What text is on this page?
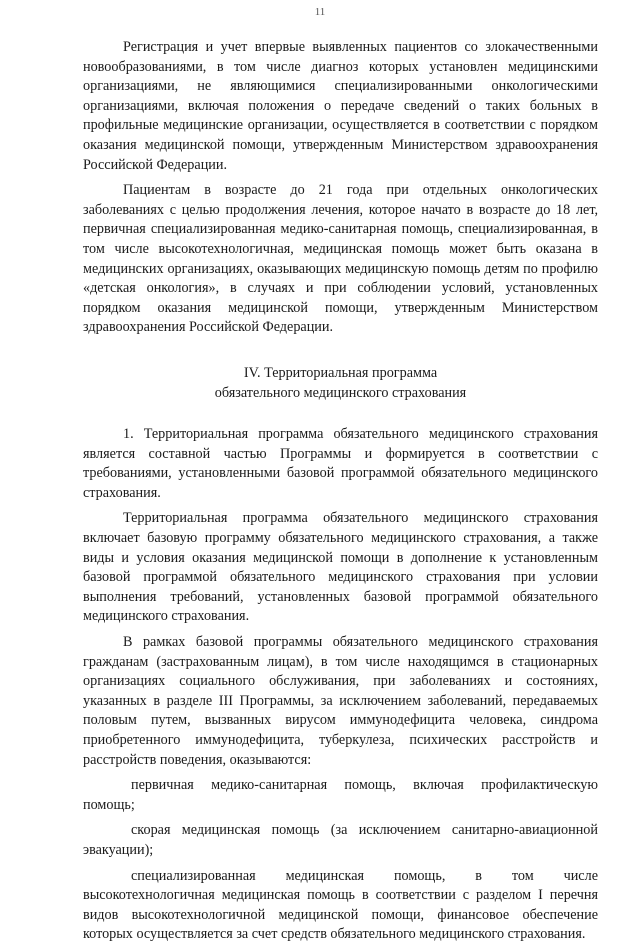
11

Регистрация и учет впервые выявленных пациентов со злокачественными новообразованиями, в том числе диагноз которых установлен медицинскими организациями, не являющимися специализированными онкологическими организациями, включая положения о передаче сведений о таких больных в профильные медицинские организации, осуществляется в соответствии с порядком оказания медицинской помощи, утвержденным Министерством здравоохранения Российской Федерации.

Пациентам в возрасте до 21 года при отдельных онкологических заболеваниях с целью продолжения лечения, которое начато в возрасте до 18 лет, первичная специализированная медико-санитарная помощь, специализированная, в том числе высокотехнологичная, медицинская помощь может быть оказана в медицинских организациях, оказывающих медицинскую помощь детям по профилю «детская онкология», в случаях и при соблюдении условий, установленных порядком оказания медицинской помощи, утвержденным Министерством здравоохранения Российской Федерации.

IV. Территориальная программа
обязательного медицинского страхования

1. Территориальная программа обязательного медицинского страхования является составной частью Программы и формируется в соответствии с требованиями, установленными базовой программой обязательного медицинского страхования.

Территориальная программа обязательного медицинского страхования включает базовую программу обязательного медицинского страхования, а также виды и условия оказания медицинской помощи в дополнение к установленным базовой программой обязательного медицинского страхования при условии выполнения требований, установленных базовой программой обязательного медицинского страхования.

В рамках базовой программы обязательного медицинского страхования гражданам (застрахованным лицам), в том числе находящимся в стационарных организациях социального обслуживания, при заболеваниях и состояниях, указанных в разделе III Программы, за исключением заболеваний, передаваемых половым путем, вызванных вирусом иммунодефицита человека, синдрома приобретенного иммунодефицита, туберкулеза, психических расстройств и расстройств поведения, оказываются:

первичная медико-санитарная помощь, включая профилактическую помощь;

скорая медицинская помощь (за исключением санитарно-авиационной эвакуации);

специализированная медицинская помощь, в том числе высокотехнологичная медицинская помощь в соответствии с разделом I перечня видов высокотехнологичной медицинской помощи, финансовое обеспечение которых осуществляется за счет средств обязательного медицинского страхования.
